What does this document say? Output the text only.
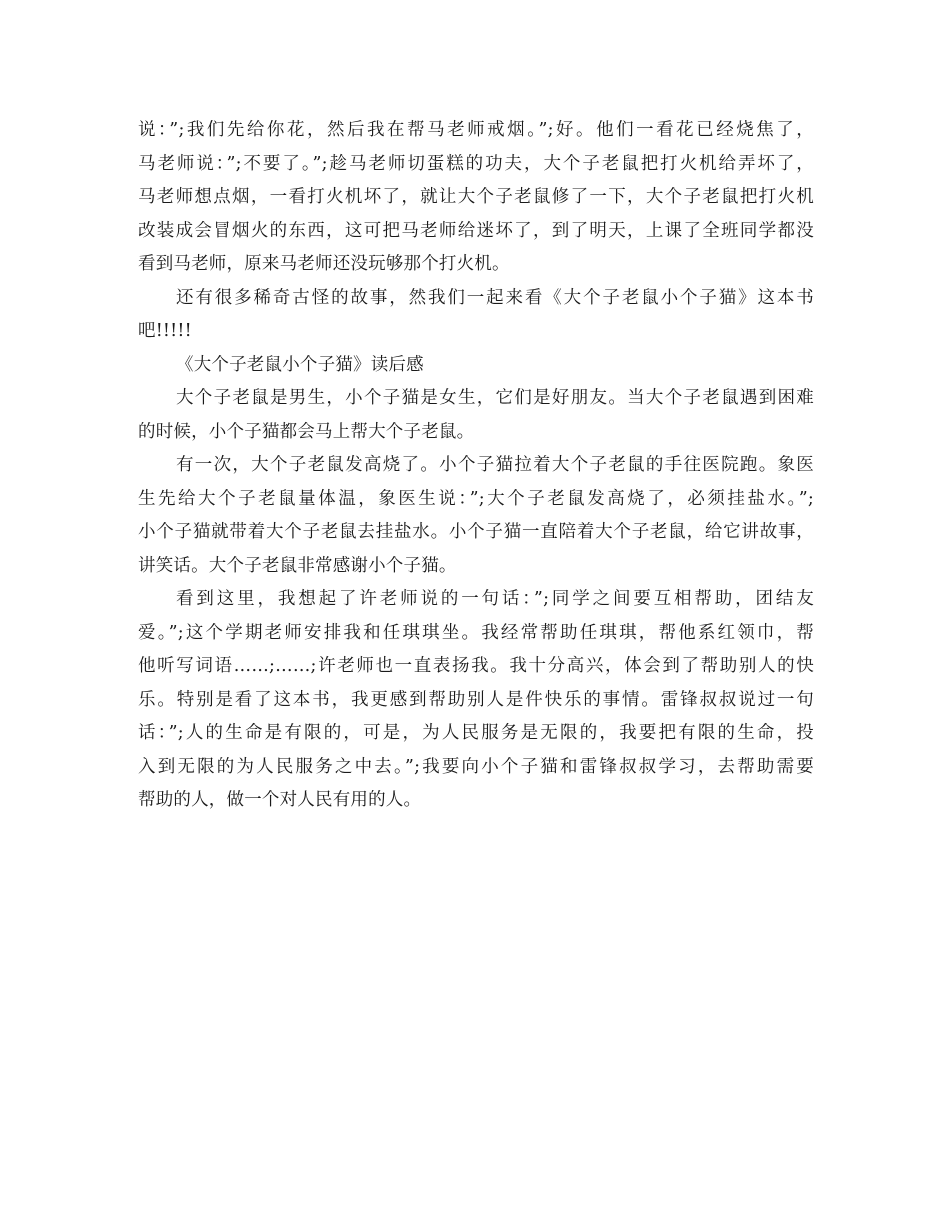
说：”;我们先给你花，然后我在帮马老师戒烟。”;好。他们一看花已经烧焦了，
马老师说：”;不要了。”;趁马老师切蛋糕的功夫，大个子老鼠把打火机给弄坏了，
马老师想点烟，一看打火机坏了，就让大个子老鼠修了一下，大个子老鼠把打火机
改装成会冒烟火的东西，这可把马老师给迷坏了，到了明天，上课了全班同学都没
看到马老师，原来马老师还没玩够那个打火机。
还有很多稀奇古怪的故事，然我们一起来看《大个子老鼠小个子猫》这本书
吧!!!!!
《大个子老鼠小个子猫》读后感
大个子老鼠是男生，小个子猫是女生，它们是好朋友。当大个子老鼠遇到困难
的时候，小个子猫都会马上帮大个子老鼠。
有一次，大个子老鼠发高烧了。小个子猫拉着大个子老鼠的手往医院跑。象医
生先给大个子老鼠量体温，象医生说：”;大个子老鼠发高烧了，必须挂盐水。”;
小个子猫就带着大个子老鼠去挂盐水。小个子猫一直陪着大个子老鼠，给它讲故事，
讲笑话。大个子老鼠非常感谢小个子猫。
看到这里，我想起了许老师说的一句话：”;同学之间要互相帮助，团结友
爱。”;这个学期老师安排我和任琪琪坐。我经常帮助任琪琪，帮他系红领巾，帮
他听写词语……;……;许老师也一直表扬我。我十分高兴，体会到了帮助别人的快
乐。特别是看了这本书，我更感到帮助别人是件快乐的事情。雷锋叔叔说过一句
话：”;人的生命是有限的，可是，为人民服务是无限的，我要把有限的生命，投
入到无限的为人民服务之中去。”;我要向小个子猫和雷锋叔叔学习，去帮助需要
帮助的人，做一个对人民有用的人。
